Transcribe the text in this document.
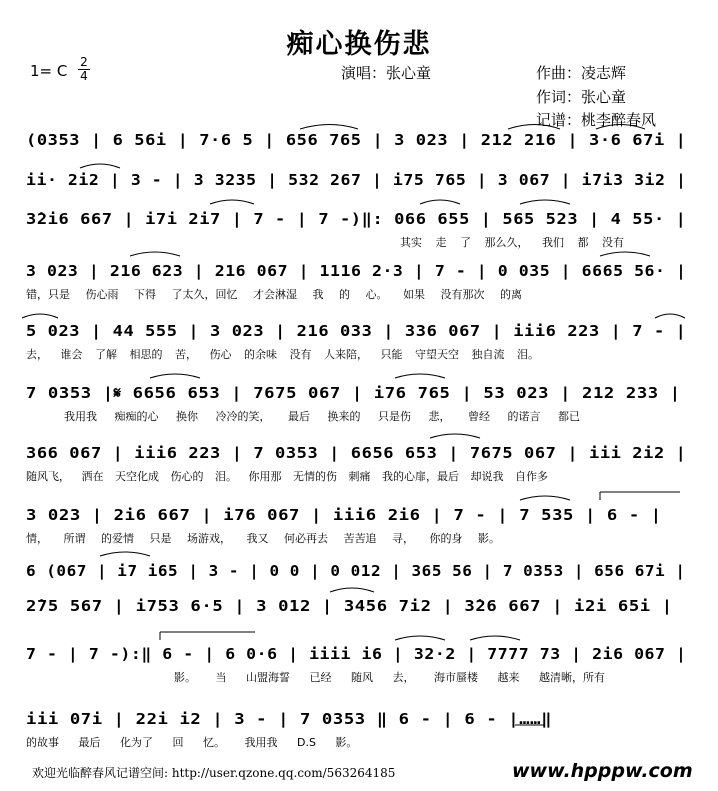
痴心换伤悲
1= C 2
4	演唱：张心童	作曲：凌志辉
作词：张心童
记谱：桃李醉春风
(0353 | 6 56i | 7·6 5 | 656 765 | 3 023 | 212 216 | 3·6 67i |
ii· 2i2 | 3 - | 3 3235 | 532 267 | i75 765 | 3 067 | i7i3 3i2 |
3̇2i6 667 | i7i 2i7 | 7 - | 7 -)‖: 066 655 | 565 523 | 4 55· |
其实 走 了 那么久， 我们 都 没有
3 023 | 216 623 | 216 067 | 1116 2·3 | 7 - | 0 035 | 6665 56· |
错，只是 伤心雨 下得 了太久，回忆 才会淋湿 我 的 心。 如果 没有那次 的离
5 023 | 44 555 | 3 023 | 216 033 | 336 067 | iii6 223 | 7 - |
去， 谁会 了解 相思的 苦， 伤心 的余味 没有 人来陪， 只能 守望天空 独自流 泪。
7 0353 |𝄋 6656 653 | 7675 067 | i76 765 | 53 023 | 212 233 |
我用我 痴痴的心 换你 冷冷的笑， 最后 换来的 只是伤 悲， 曾经 的诺言 都已
366 067 | iii6 223 | 7 0353 | 6656 653 | 7675 067 | iii 2i2 |
随风飞， 洒在 天空化成 伤心的 泪。 你用那 无情的伤 刺痛 我的心扉，最后 却说我 自作多
3 023 | 2i6 667 | i76 067 | iii6 2i6 | 7 - | 7 535 | 6 - |
情， 所谓 的爱情 只是 场游戏， 我又 何必再去 苦苦追 寻， 你的身 影。
6 (067 | i7 i65 | 3 - | 0 0 | 0 012 | 365 56 | 7 0353 | 656 67i |
2̇75 567 | i753 6·5 | 3 012 | 3456 7i2 | 3̇26 667 | i2i 65i |
7 - | 7 -):‖ 6 - | 6 0·6 | iiii i6 | 32·2 | 7777 73 | 2i6 067 |
影。 当 山盟海誓 已经 随风 去， 海市蜃楼 越来 越清晰，所有
iii 07i | 22i i2 | 3 - | 7 0353 ‖ 6 - | 6 - |……‖
的故事 最后 化为了 回 忆。 我用我 D.S 影。
欢迎光临醉春风记谱空间: http://user.qzone.qq.com/563264185	www.hpppw.com
